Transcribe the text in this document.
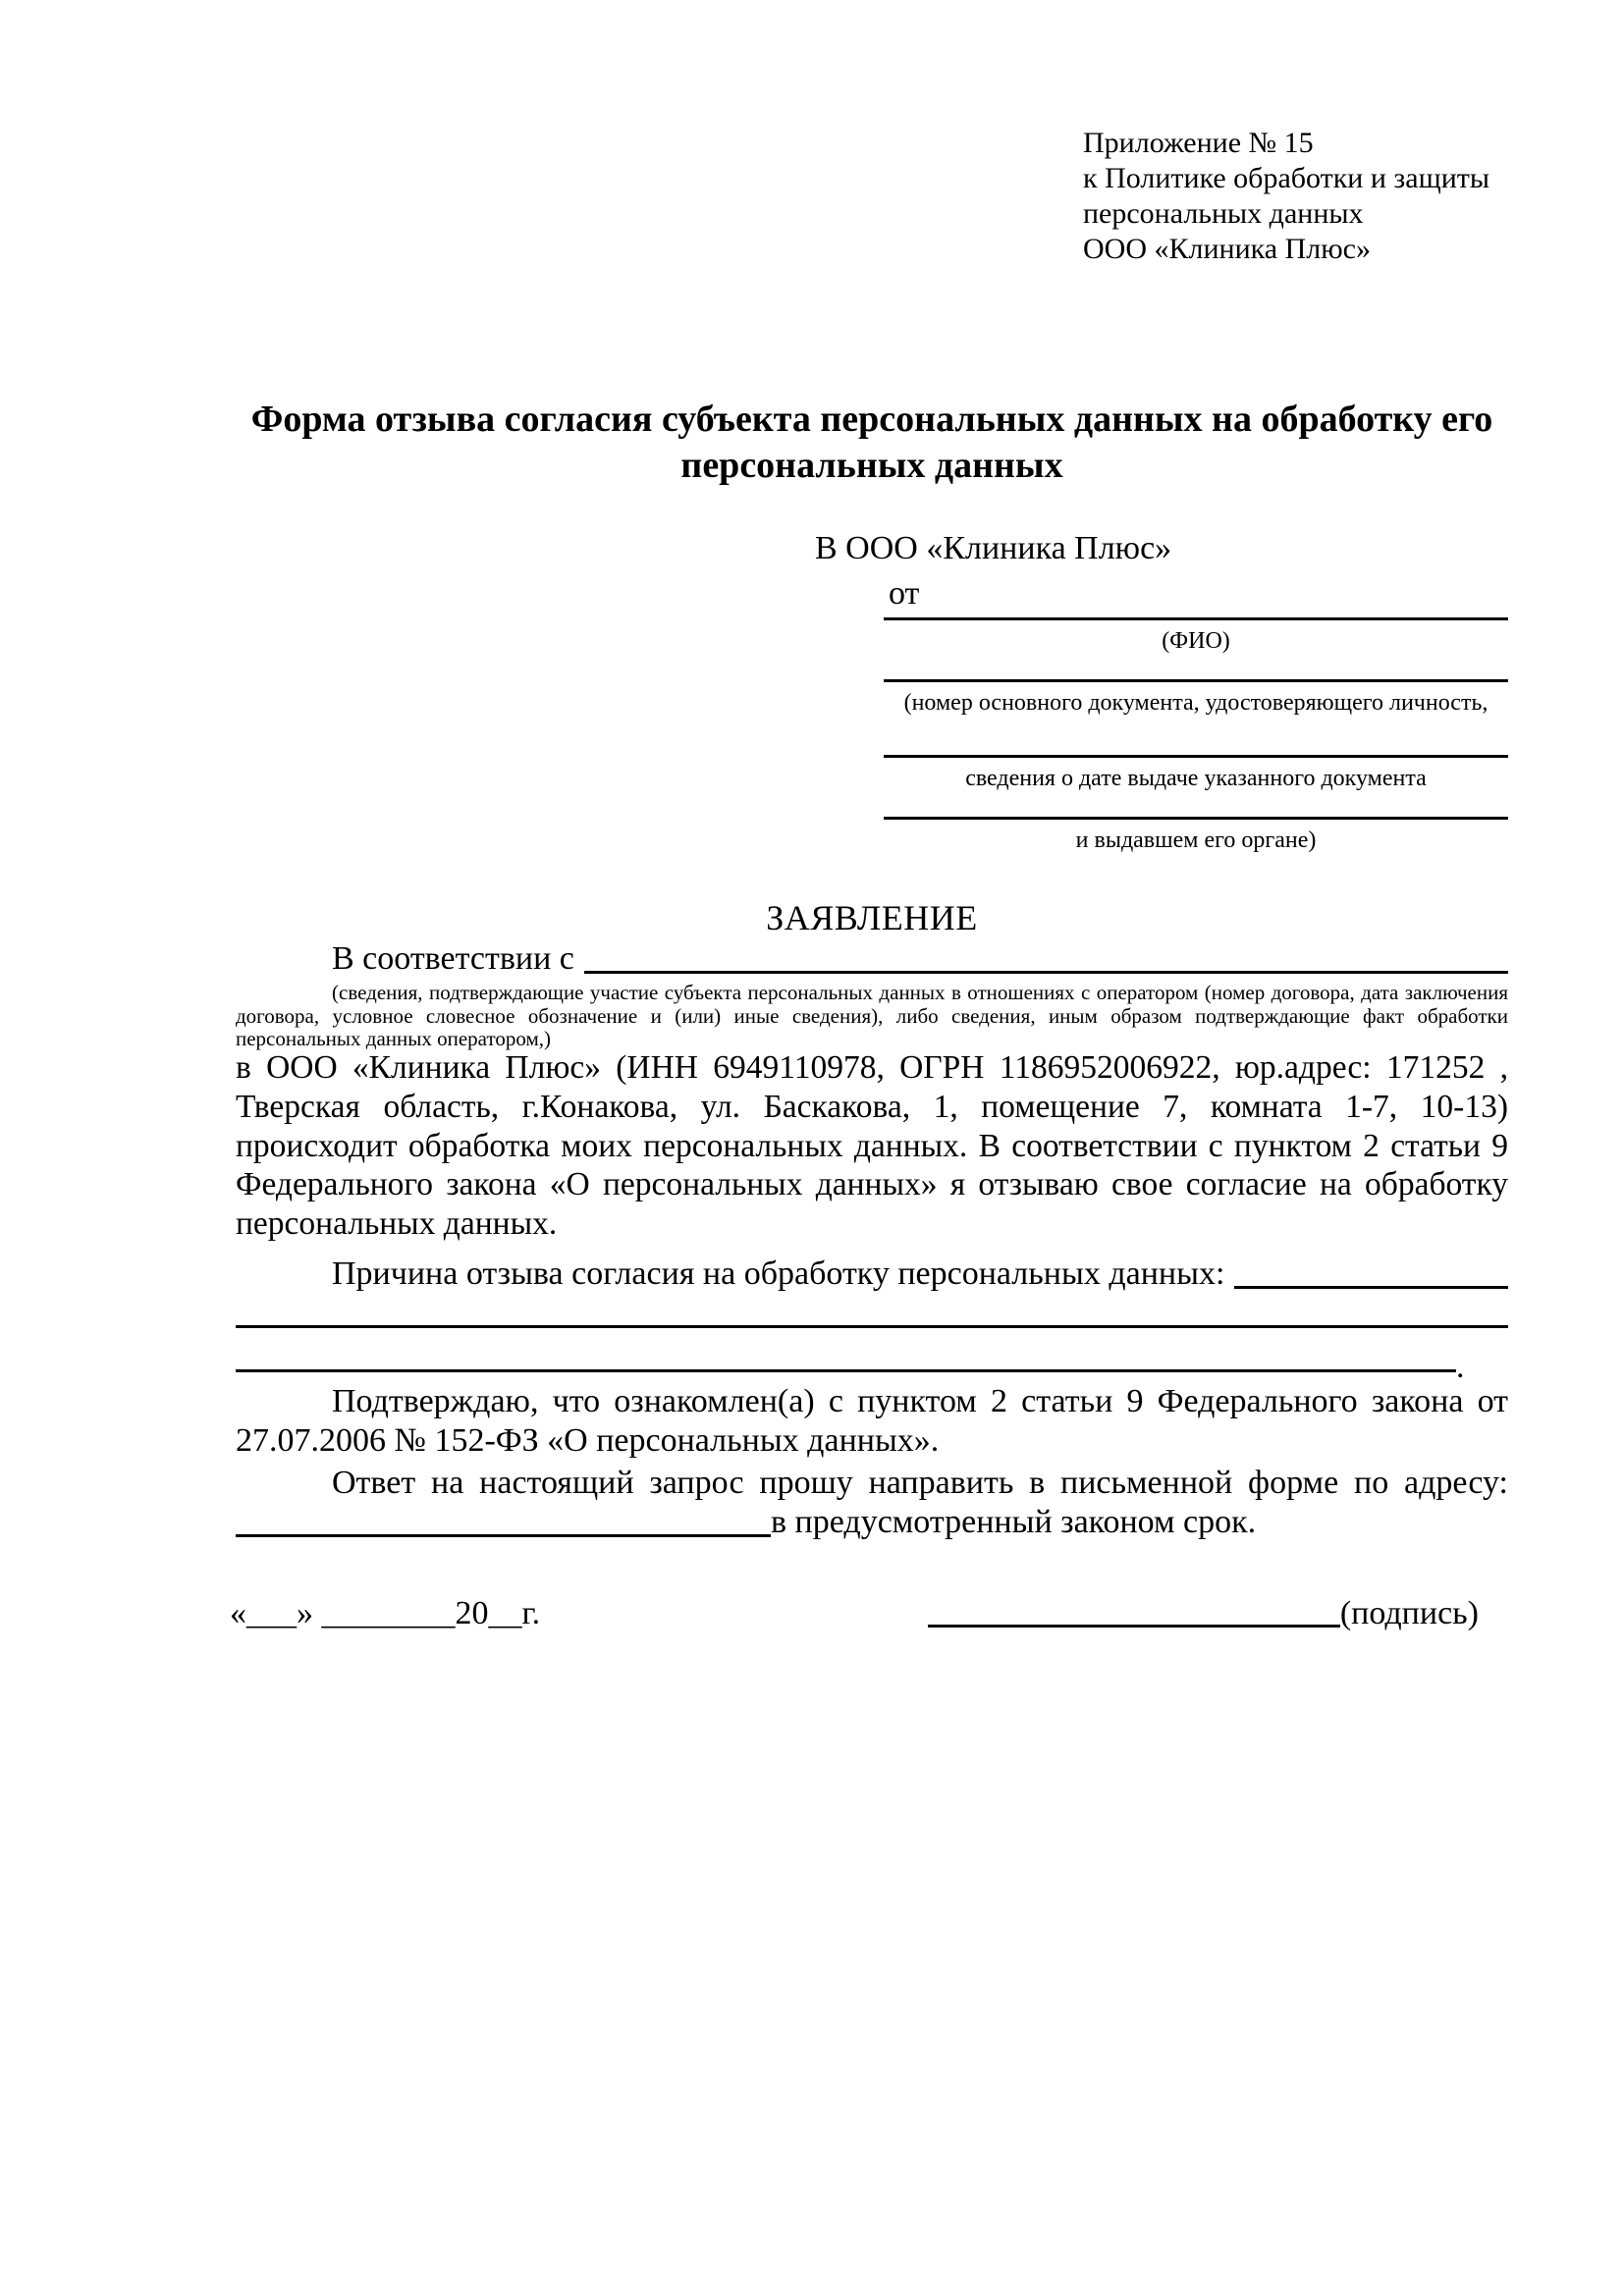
Приложение № 15
к Политике обработки и защиты
персональных данных
ООО «Клиника Плюс»
Форма отзыва согласия субъекта персональных данных на обработку его персональных данных
В ООО «Клиника Плюс»
от
(ФИО)
(номер основного документа, удостоверяющего личность,
сведения о дате выдаче указанного документа
и выдавшем его органе)
ЗАЯВЛЕНИЕ
В соответствии с
(сведения, подтверждающие участие субъекта персональных данных в отношениях с оператором (номер договора, дата заключения договора, условное словесное обозначение и (или) иные сведения), либо сведения, иным образом подтверждающие факт обработки персональных данных оператором,)
в ООО «Клиника Плюс» (ИНН 6949110978, ОГРН 1186952006922, юр.адрес: 171252 , Тверская область, г.Конакова, ул. Баскакова, 1, помещение 7, комната 1-7, 10-13) происходит обработка моих персональных данных. В соответствии с пунктом 2 статьи 9 Федерального закона «О персональных данных» я отзываю свое согласие на обработку персональных данных.
Причина отзыва согласия на обработку персональных данных:
.
Подтверждаю, что ознакомлен(а) с пунктом 2 статьи 9 Федерального закона от 27.07.2006 № 152-ФЗ «О персональных данных».
Ответ на настоящий запрос прошу направить в письменной форме по адресу:
в предусмотренный законом срок.
«___» ________20__г.	(подпись)
